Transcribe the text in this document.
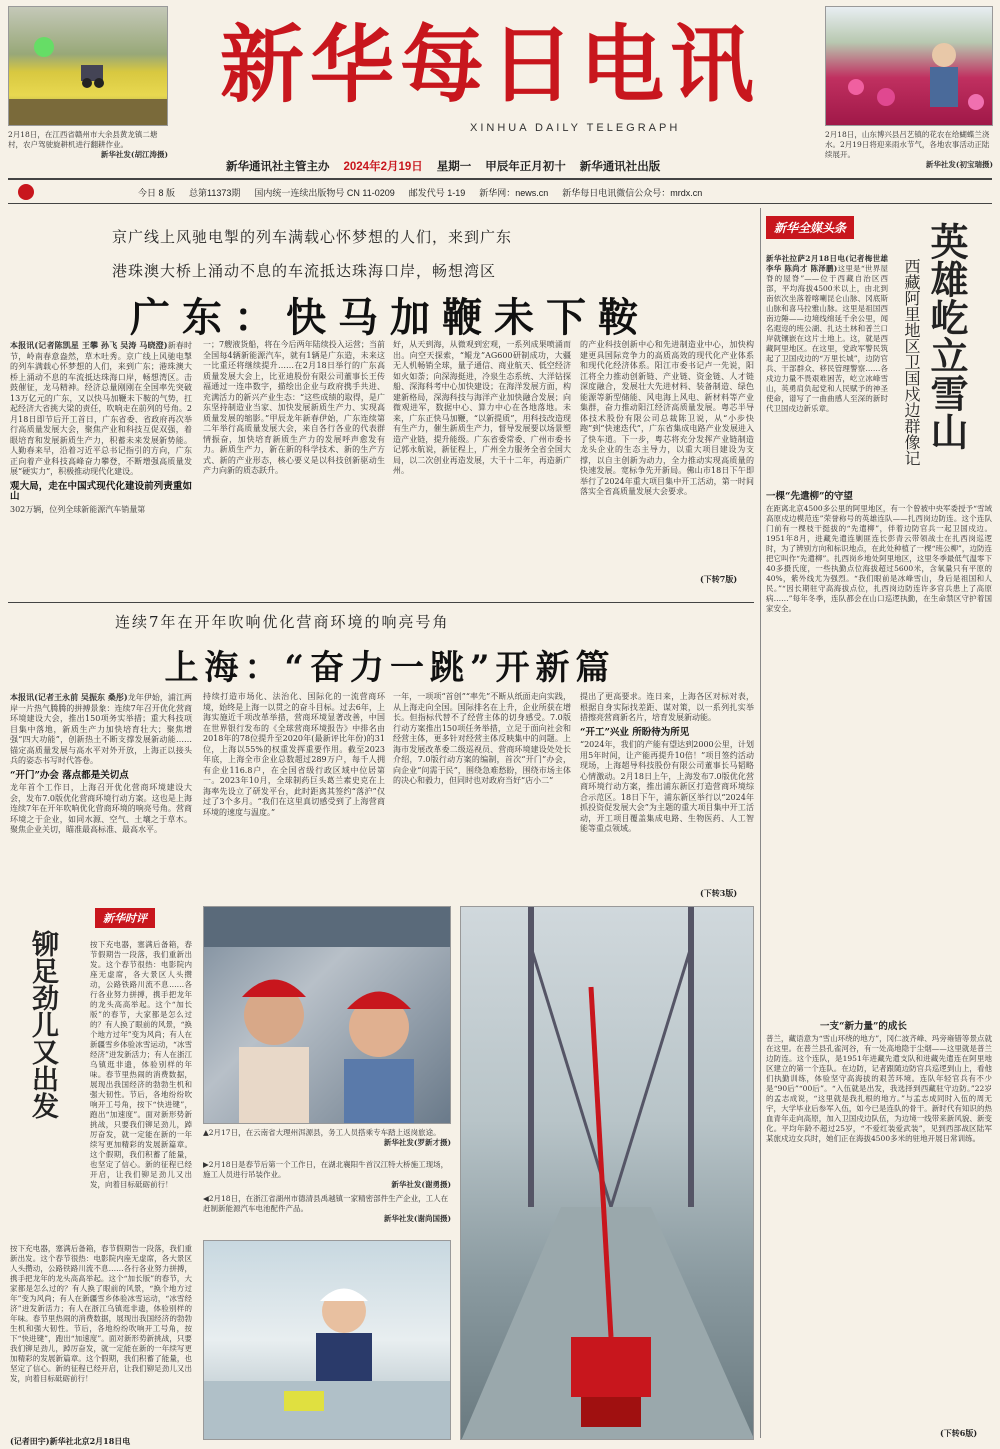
2月18日，在江西省赣州市大余县黄龙镇二塘村，农户驾驶旋耕机进行翻耕作业。
新华社发(胡江涛摄)
新华每日电讯
XINHUA DAILY TELEGRAPH
新华通讯社主管主办 2024年2月19日 星期一 甲辰年正月初十 新华通讯社出版
2月18日，山东博兴县吕艺镇的花农在给蝴蝶兰浇水。2月19日将迎来雨水节气，各地农事活动正陆续展开。
新华社发(初宝瑞摄)
今日 8 版 总第11373期 国内统一连续出版物号 CN 11-0209 邮发代号 1-19 新华网：news.cn 新华每日电讯微信公众号：mrdx.cn
京广线上风驰电掣的列车满载心怀梦想的人们，来到广东
港珠澳大桥上涌动不息的车流抵达珠海口岸，畅想湾区
广东：快马加鞭未下鞍
本报讯(记者陈凯星 王攀 孙飞 吴涛 马晓澄)新春时节，岭南春意盎然，草木吐秀。京广线上风驰电掣的列车满载心怀梦想的人们，来到广东；港珠澳大桥上涌动不息的车流抵达珠海口岸，畅想湾区。击鼓催征，龙马精神。经济总量刚刚在全国率先突破13万亿元的广东，又以快马加鞭未下鞍的气势，扛起经济大省挑大梁的责任，吹响走在前列的号角。2月18日即节后开工首日，广东省委、省政府再次举行高质量发展大会，聚焦产业和科技互促双强，着眼培育和发展新质生产力，积蓄未来发展新势能。人勤春来早，沿着习近平总书记指引的方向，广东正向着产业科技高峰奋力攀登，不断增强高质量发展“硬实力”，积极推动现代化建设。
观大局，走在中国式现代化建设前列责重如山
302万辆，位列全球新能源汽车销量第
一；7艘液货船，将在今后两年陆续投入运营；当前全国每4辆新能源汽车，就有1辆是广东造，未来这一比重还将继续提升……在2月18日举行的广东高质量发展大会上，比亚迪股份有限公司董事长王传福通过一连串数字，描绘出企业与政府携手共进、充满活力的新兴产业生态：“这些成绩的取得，是广东坚持制造业当家、加快发展新质生产力、实现高质量发展的缩影。”甲辰龙年新春伊始，广东连续第二年举行高质量发展大会，来自各行各业的代表群情振奋，加快培育新质生产力的发展呼声愈发有力。新质生产力，新在新的科学技术、新的生产方式、新的产业形态，核心要义是以科技创新驱动生产力向新的质态跃升。
好，从天到海，从微观到宏观，一系列成果喷涌而出。向空天探索，“鲲龙”AG600研制成功，大疆无人机畅销全球，量子通信、商业航天、低空经济如火如荼；向深海挺进，冷泉生态系统、大洋钻探船、深海科考中心加快建设；在海洋发展方面，构建新格局，深海科技与海洋产业加快融合发展；向微观进军，数据中心、算力中心在各地落地。未来，广东正快马加鞭，“以新提质”，用科技改造现有生产力，催生新质生产力，督导发展要以场景塑造产业链，提升能级。广东省委常委、广州市委书记郭永航说，新征程上，广州全力服务全省全国大局，以二次创业再造发展，大干十二年，再造新广州。
的产业科技创新中心和先进制造业中心，加快构建更具国际竞争力的高质高效的现代化产业体系和现代化经济体系。阳江市委书记卢一先说，阳江将全力推动创新链、产业链、资金链、人才链深度融合，发展壮大先进材料、装备制造、绿色能源等新型储能、风电海上风电、新材料等产业集群，奋力推动阳江经济高质量发展。粤芯半导体技术股份有限公司总裁陈卫说，从“小步快跑”到“快速迭代”，广东省集成电路产业发展进入了快车道。下一步，粤芯将充分发挥产业链制造龙头企业的生态主导力，以重大项目建设为支撑，以自主创新为动力，全力推动实现高质量的快速发展。宽标争先开新局。佛山市18日下午即举行了2024年重大项目集中开工活动，第一时间落实全省高质量发展大会要求。
(下转7版)
连续7年在开年吹响优化营商环境的响亮号角
上海：“奋力一跳”开新篇
本报讯(记者王永前 吴振东 桑彤)龙年伊始，浦江两岸一片热气腾腾的拼搏景象：连续7年召开优化营商环境建设大会，推出150项务实举措；重大科技项目集中落地，新质生产力加快培育壮大；聚焦增强“四大功能”，创新热土不断支撑发展新动能……锚定高质量发展与高水平对外开放，上海正以接头兵的姿态书写时代答卷。
“开门”办会 落点都是关切点
龙年首个工作日，上海召开优化营商环境建设大会，发布7.0版优化营商环境行动方案。这也是上海连续7年在开年吹响优化营商环境的响亮号角。营商环境之于企业，如同水源、空气、土壤之于草木。聚焦企业关切，瞄准最高标准、最高水平。
持续打造市场化、法治化、国际化的一流营商环境，始终是上海一以贯之的奋斗目标。过去6年，上海实施近千项改革举措，营商环境显著改善，中国在世界银行发布的《全球营商环境报告》中排名由2018年的78位提升至2020年(最新评比年份)的31位，上海以55%的权重发挥重要作用。截至2023年底，上海全市企业总数超过289万户，每千人拥有企业116.8户，在全国省级行政区域中位居第一。2023年10月，全球制药巨头葛兰素史克在上海率先设立了研发平台，此时距离其签约“落沪”仅过了3个多月。“我们在这里真切感受到了上海营商环境的速度与温度。”
一年，一项项“首创”“率先”不断从纸面走向实践，从上海走向全国。国际排名在上升，企业所获在增长。但指标代替不了经营主体的切身感受。7.0版行动方案推出150项任务举措，立足于面向社会和经营主体，更多针对经营主体反映集中的问题。上海市发展改革委二级巡视员、营商环境建设处处长介绍，7.0版行动方案的编制，首次“开门”办会，向企业“问需于民”，围绕急难愁盼，围绕市场主体的决心和毅力，但同时也对政府当好“店小二”
提出了更高要求。连日来，上海各区对标对表，根据自身实际找差距、谋对策，以一系列扎实举措擦亮营商新名片，培育发展新动能。
“开工”兴业 所盼待为所见
“2024年，我们的产能有望达到2000公里，计划用5年时间，让产能再提升10倍！”项目签约活动现场，上海超导科技股份有限公司董事长马韬略心情激动。2月18日上午，上海发布7.0版优化营商环境行动方案，推出浦东新区打造营商环境综合示范区。18日下午，浦东新区举行以“2024年抓投资促发展大会”为主题的重大项目集中开工活动，开工项目覆盖集成电路、生物医药、人工智能等重点领域。
(下转3版)
新华时评
铆足劲儿又出发	按下充电器，塞满后备箱，春节假期告一段落，我们重新出发。这个春节很热：电影院内座无虚席，各大景区人头攒动，公路铁路川流不息……各行各业努力拼搏，携手把龙年的龙头高高举起。这个“加长版”的春节，大家都是怎么过的？有人换了眼前的风景，“换个地方过年”变为风尚；有人在新疆雪乡体验冰雪运动，“冰雪经济”迸发新活力；有人在浙江乌镇逛非遗，体验别样的年味。春节里热闹的消费数据，展现出我国经济的勃勃生机和强大韧性。节后，各地纷纷吹响开工号角，按下“快进键”，跑出“加速度”。面对新形势新挑战，只要我们铆足劲儿，踔厉奋发，就一定能在新的一年续写更加精彩的发展新篇章。这个假期，我们积蓄了能量，也坚定了信心。新的征程已经开启，让我们铆足劲儿又出发，向着目标砥砺前行！
按下充电器，塞满后备箱，春节假期告一段落，我们重新出发。这个春节很热：电影院内座无虚席，各大景区人头攒动，公路铁路川流不息……各行各业努力拼搏，携手把龙年的龙头高高举起。这个“加长版”的春节，大家都是怎么过的？有人换了眼前的风景，“换个地方过年”变为风尚；有人在新疆雪乡体验冰雪运动，“冰雪经济”迸发新活力；有人在浙江乌镇逛非遗，体验别样的年味。春节里热闹的消费数据，展现出我国经济的勃勃生机和强大韧性。节后，各地纷纷吹响开工号角，按下“快进键”，跑出“加速度”。面对新形势新挑战，只要我们铆足劲儿，踔厉奋发，就一定能在新的一年续写更加精彩的发展新篇章。这个假期，我们积蓄了能量，也坚定了信心。新的征程已经开启，让我们铆足劲儿又出发，向着目标砥砺前行！
(记者田宇)新华社北京2月18日电
▲2月17日，在云南省大理州洱源县，务工人员搭乘专车踏上返岗旅途。
新华社发(罗新才摄)
▶2月18日是春节后第一个工作日，在湖北襄阳牛首汉江特大桥施工现场，施工人员进行吊装作业。
新华社发(谢勇摄)
◀2月18日，在浙江省湖州市德清县禹越镇一家精密部件生产企业，工人在赶制新能源汽车电池配件产品。
新华社发(谢尚国摄)
新华全媒头条 英雄屹立雪山
西藏阿里地区卫国戍边群像记
新华社拉萨2月18日电(记者梅世雄 李华 陈尚才 陈泽鹏)这里是“世界屋脊的屋脊”——位于西藏自治区西部，平均海拔4500米以上，由北到南依次坐落着喀喇昆仑山脉、冈底斯山脉和喜马拉雅山脉。这里是祖国西南边陲——边境线绵延千余公里，闻名遐迩的班公湖、扎达土林和普兰口岸就镶嵌在这片土地上。这，就是西藏阿里地区。在这里，党政军警民筑起了卫国戍边的“万里长城”，边防官兵、干部群众、移民管理警察……各戍边力量不畏艰难困苦，屹立冰峰雪山，英勇肩负起党和人民赋予的神圣使命，谱写了一曲曲感人至深的新时代卫国戍边新乐章。
一棵“先遣柳”的守望
在距离北京4500多公里的阿里地区，有一个曾被中央军委授予“雪域高原戍边模范连”荣誉称号的英雄连队——扎西岗边防连。这个连队门前有一棵枝干挺拔的“先遣柳”，伴着边防官兵一起卫国戍边。1951年8月，进藏先遣连剿匪连长彭青云带领战士在扎西岗巡逻时，为了辨别方向和标识地点，在此处种植了一棵“班公柳”，边防连把它叫作“先遣柳”。扎西岗乡地处阿里地区，这里冬季最低气温零下40多摄氏度，一些执勤点位海拔超过5600米，含氧量只有平原的40%，紫外线尤为强烈。“我们眼前是冰峰雪山，身后是祖国和人民。”“因长期驻守高海拔点位，扎西岗边防连许多官兵患上了高原病……”每年冬季，连队都会在山口巡逻执勤，在生命禁区守护着国家安全。
一支“新力量”的成长
普兰，藏语意为“雪山环绕的地方”，冈仁波齐峰、玛旁雍错等景点就在这里。在普兰县孔雀河谷，有一处高地隐于尘烟——这里就是普兰边防连。这个连队，是1951年进藏先遣支队和进藏先遣连在阿里地区建立的第一个连队。在边防，记者跟随边防官兵巡逻到山上，看他们执勤训练，体验坚守高海拔的艰苦环境。连队年轻官兵有不少是“90后”“00后”。“入伍就是出发，我选择到西藏驻守边防。”22岁的孟志成说，“这里就是我扎根的地方。”与孟志成同时入伍的周无宇，大学毕业后参军入伍，如今已是连队的骨干。新时代有知识的热血青年走向高原，加入卫国戍边队伍，为边境一线带来新风貌、新变化。平均年龄不超过25岁，“不爱红装爱武装”，见到西部战区陆军某旅戍边女兵时，她们正在海拔4500多米的驻地开展日常训练。
(下转6版)
